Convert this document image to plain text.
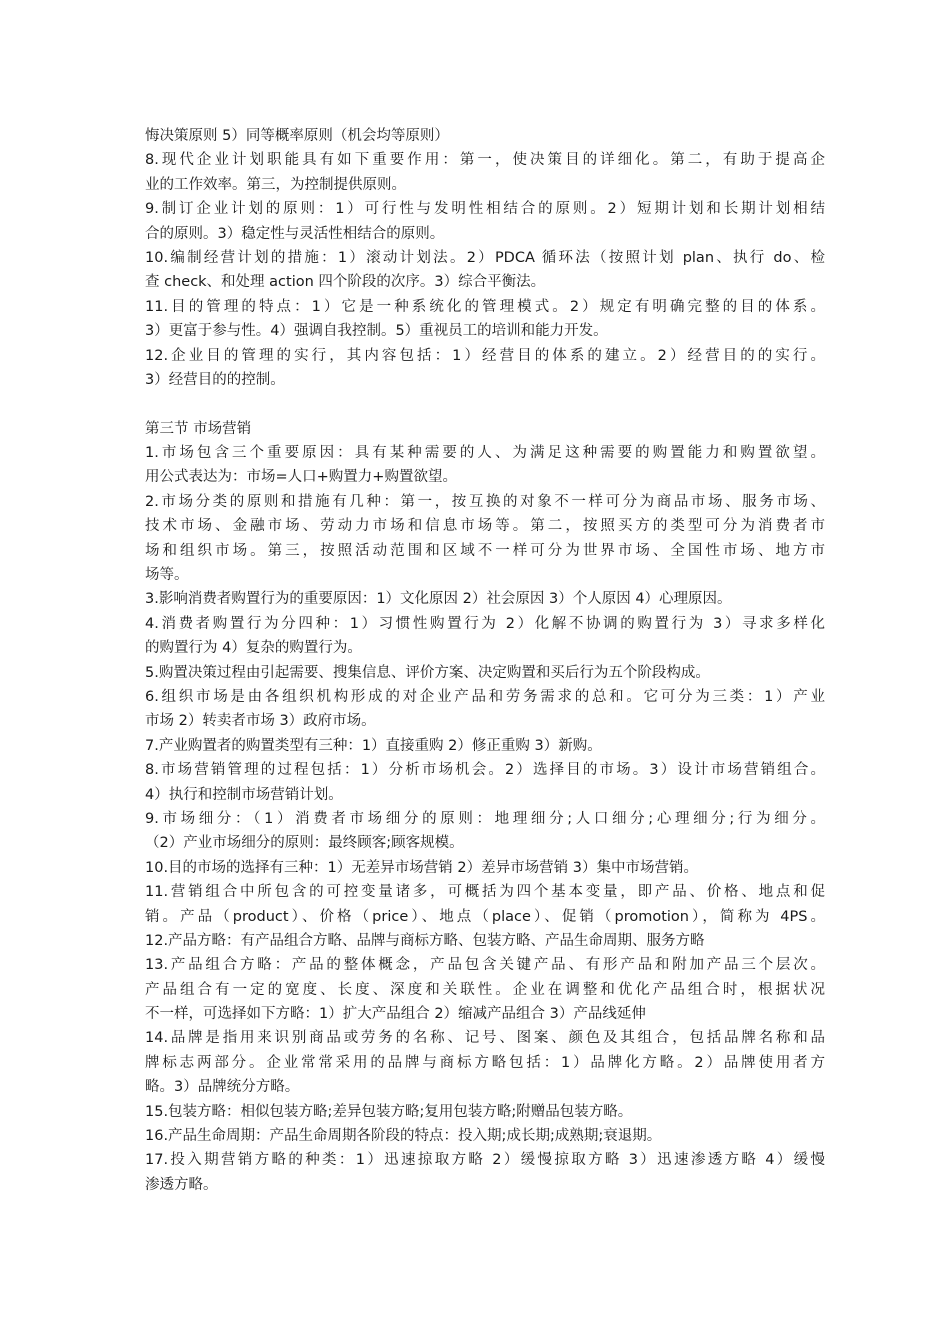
悔决策原则 5）同等概率原则（机会均等原则）
8.现代企业计划职能具有如下重要作用：第一，使决策目的详细化。第二，有助于提高企
业的工作效率。第三，为控制提供原则。
9.制订企业计划的原则：1）可行性与发明性相结合的原则。2）短期计划和长期计划相结
合的原则。3）稳定性与灵活性相结合的原则。
10.编制经营计划的措施：1）滚动计划法。2）PDCA 循环法（按照计划 plan、执行 do、检
查 check、和处理 action 四个阶段的次序。3）综合平衡法。
11.目的管理的特点：1）它是一种系统化的管理模式。2）规定有明确完整的目的体系。
3）更富于参与性。4）强调自我控制。5）重视员工的培训和能力开发。
12.企业目的管理的实行，其内容包括：1）经营目的体系的建立。2）经营目的的实行。
3）经营目的的控制。
第三节 市场营销
1.市场包含三个重要原因：具有某种需要的人、为满足这种需要的购置能力和购置欲望。
用公式表达为：市场=人口+购置力+购置欲望。
2.市场分类的原则和措施有几种：第一，按互换的对象不一样可分为商品市场、服务市场、
技术市场、金融市场、劳动力市场和信息市场等。第二，按照买方的类型可分为消费者市
场和组织市场。第三，按照活动范围和区域不一样可分为世界市场、全国性市场、地方市
场等。
3.影响消费者购置行为的重要原因：1）文化原因 2）社会原因 3）个人原因 4）心理原因。
4.消费者购置行为分四种：1）习惯性购置行为 2）化解不协调的购置行为 3）寻求多样化
的购置行为 4）复杂的购置行为。
5.购置决策过程由引起需要、搜集信息、评价方案、决定购置和买后行为五个阶段构成。
6.组织市场是由各组织机构形成的对企业产品和劳务需求的总和。它可分为三类：1）产业
市场 2）转卖者市场 3）政府市场。
7.产业购置者的购置类型有三种：1）直接重购 2）修正重购 3）新购。
8.市场营销管理的过程包括：1）分析市场机会。2）选择目的市场。3）设计市场营销组合。
4）执行和控制市场营销计划。
9.市场细分：（1）消费者市场细分的原则：地理细分;人口细分;心理细分;行为细分。
（2）产业市场细分的原则：最终顾客;顾客规模。
10.目的市场的选择有三种：1）无差异市场营销 2）差异市场营销 3）集中市场营销。
11.营销组合中所包含的可控变量诸多，可概括为四个基本变量，即产品、价格、地点和促
销。产品（product）、价格（price）、地点（place）、促销（promotion），简称为 4PS。
12.产品方略：有产品组合方略、品牌与商标方略、包装方略、产品生命周期、服务方略
13.产品组合方略：产品的整体概念，产品包含关键产品、有形产品和附加产品三个层次。
产品组合有一定的宽度、长度、深度和关联性。企业在调整和优化产品组合时，根据状况
不一样，可选择如下方略：1）扩大产品组合 2）缩减产品组合 3）产品线延伸
14.品牌是指用来识别商品或劳务的名称、记号、图案、颜色及其组合，包括品牌名称和品
牌标志两部分。企业常常采用的品牌与商标方略包括：1）品牌化方略。2）品牌使用者方
略。3）品牌统分方略。
15.包装方略：相似包装方略;差异包装方略;复用包装方略;附赠品包装方略。
16.产品生命周期：产品生命周期各阶段的特点：投入期;成长期;成熟期;衰退期。
17.投入期营销方略的种类：1）迅速掠取方略 2）缓慢掠取方略 3）迅速渗透方略 4）缓慢
渗透方略。
